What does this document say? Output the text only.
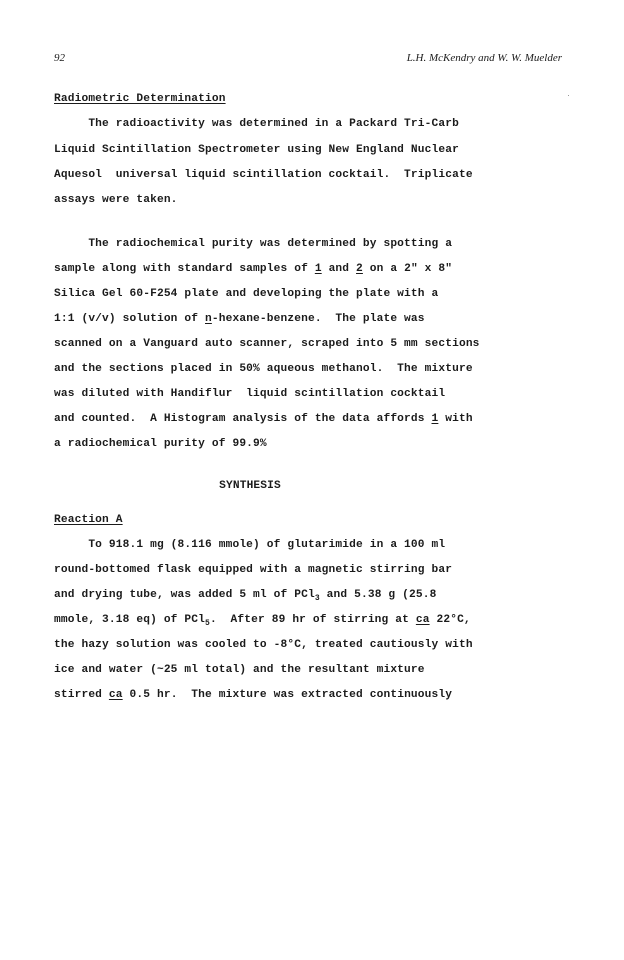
92	L.H. McKendry and W. W. Muelder
Radiometric Determination
The radioactivity was determined in a Packard Tri-Carb
Liquid Scintillation Spectrometer using New England Nuclear
Aquesol  universal liquid scintillation cocktail.  Triplicate
assays were taken.
The radiochemical purity was determined by spotting a
sample along with standard samples of 1 and 2 on a 2" x 8"
Silica Gel 60-F254 plate and developing the plate with a
1:1 (v/v) solution of n-hexane-benzene.  The plate was
scanned on a Vanguard auto scanner, scraped into 5 mm sections
and the sections placed in 50% aqueous methanol.  The mixture
was diluted with Handiflur  liquid scintillation cocktail
and counted.  A Histogram analysis of the data affords 1 with
a radiochemical purity of 99.9%
SYNTHESIS
Reaction A
To 918.1 mg (8.116 mmole) of glutarimide in a 100 ml
round-bottomed flask equipped with a magnetic stirring bar
and drying tube, was added 5 ml of PCl$_3$ and 5.38 g (25.8
mmole, 3.18 eq) of PCl$_5$.  After 89 hr of stirring at ca 22°C,
the hazy solution was cooled to -8°C, treated cautiously with
ice and water (~25 ml total) and the resultant mixture
stirred ca 0.5 hr.  The mixture was extracted continuously
